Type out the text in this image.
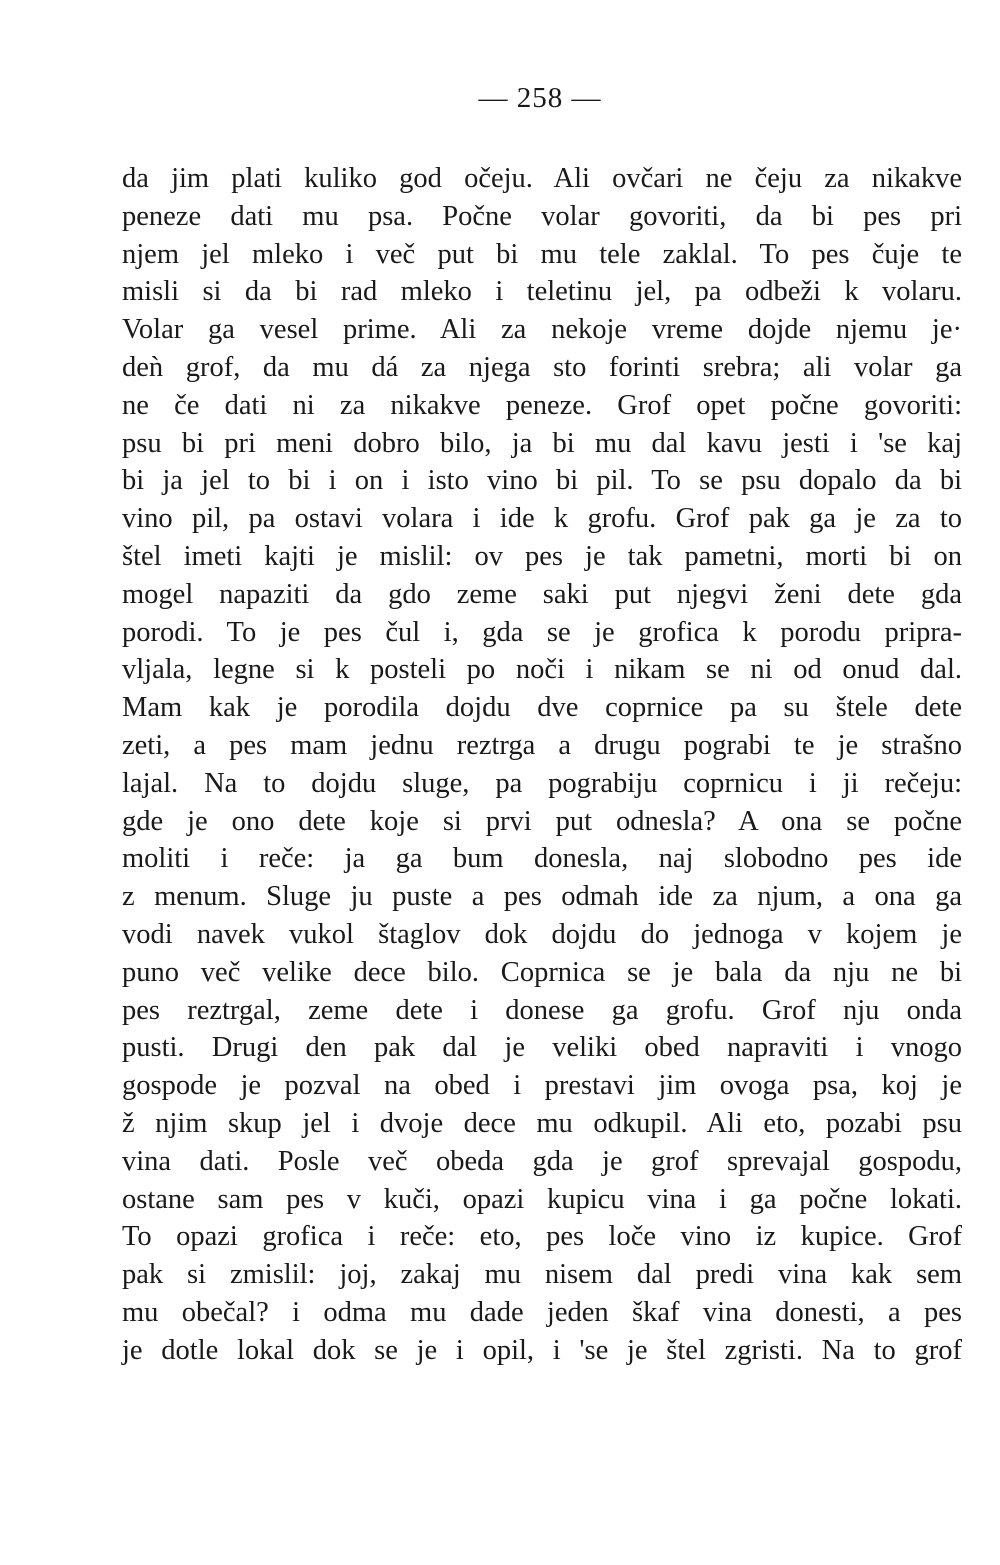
— 258 —
da jim plati kuliko god očeju. Ali ovčari ne čeju za nikakve
peneze dati mu psa. Počne volar govoriti, da bi pes pri
njem jel mleko i več put bi mu tele zaklal. To pes čuje te
misli si da bi rad mleko i teletinu jel, pa odbeži k volaru.
Volar ga vesel prime. Ali za nekoje vreme dojde njemu je·
deǹ grof, da mu dá za njega sto forinti srebra; ali volar ga
ne če dati ni za nikakve peneze. Grof opet počne govoriti:
psu bi pri meni dobro bilo, ja bi mu dal kavu jesti i 'se kaj
bi ja jel to bi i on i isto vino bi pil. To se psu dopalo da bi
vino pil, pa ostavi volara i ide k grofu. Grof pak ga je za to
štel imeti kajti je mislil: ov pes je tak pametni, morti bi on
mogel napaziti da gdo zeme saki put njegvi ženi dete gda
porodi. To je pes čul i, gda se je grofica k porodu pripra-
vljala, legne si k posteli po noči i nikam se ni od onud dal.
Mam kak je porodila dojdu dve coprnice pa su štele dete
zeti, a pes mam jednu reztrga a drugu pograbi te je strašno
lajal. Na to dojdu sluge, pa pograbiju coprnicu i ji rečeju:
gde je ono dete koje si prvi put odnesla? A ona se počne
moliti i reče: ja ga bum donesla, naj slobodno pes ide
z menum. Sluge ju puste a pes odmah ide za njum, a ona ga
vodi navek vukol štaglov dok dojdu do jednoga v kojem je
puno več velike dece bilo. Coprnica se je bala da nju ne bi
pes reztrgal, zeme dete i donese ga grofu. Grof nju onda
pusti. Drugi den pak dal je veliki obed napraviti i vnogo
gospode je pozval na obed i prestavi jim ovoga psa, koj je
ž njim skup jel i dvoje dece mu odkupil. Ali eto, pozabi psu
vina dati. Posle več obeda gda je grof sprevajal gospodu,
ostane sam pes v kuči, opazi kupicu vina i ga počne lokati.
To opazi grofica i reče: eto, pes loče vino iz kupice. Grof
pak si zmislil: joj, zakaj mu nisem dal predi vina kak sem
mu obečal? i odma mu dade jeden škaf vina donesti, a pes
je dotle lokal dok se je i opil, i 'se je štel zgristi. Na to grof
